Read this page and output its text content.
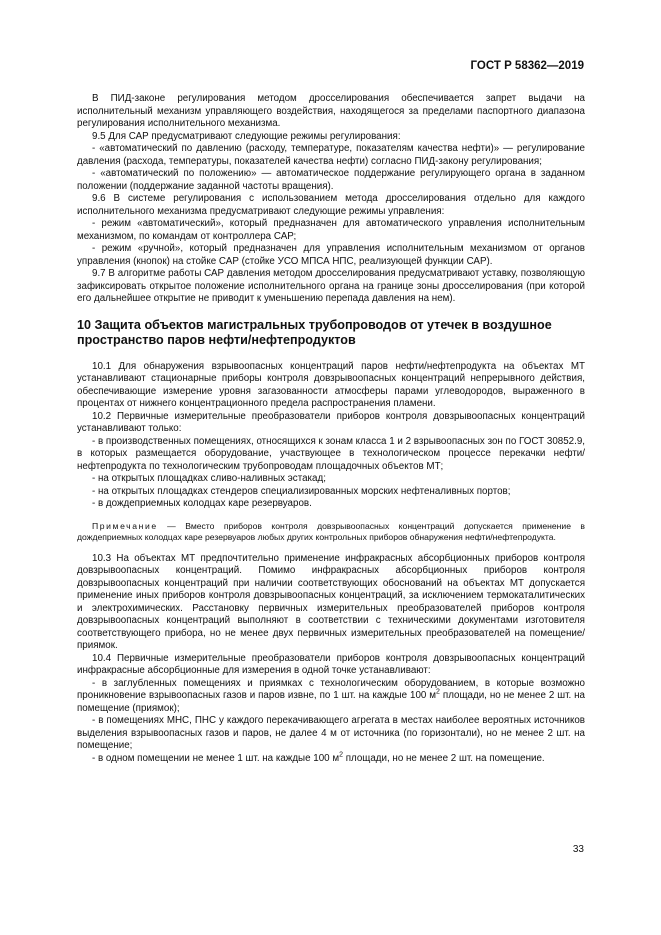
ГОСТ Р 58362—2019

В ПИД-законе регулирования методом дросселирования обеспечивается запрет выдачи на исполнительный механизм управляющего воздействия, находящегося за пределами паспортного диапазона регулирования исполнительного механизма.

9.5 Для САР предусматривают следующие режимы регулирования:

- «автоматический по давлению (расходу, температуре, показателям качества нефти)» — регулирование давления (расхода, температуры, показателей качества нефти) согласно ПИД-закону регулирования;

- «автоматический по положению» — автоматическое поддержание регулирующего органа в заданном положении (поддержание заданной частоты вращения).

9.6 В системе регулирования с использованием метода дросселирования отдельно для каждого исполнительного механизма предусматривают следующие режимы управления:

- режим «автоматический», который предназначен для автоматического управления исполнительным механизмом, по командам от контроллера САР;

- режим «ручной», который предназначен для управления исполнительным механизмом от органов управления (кнопок) на стойке САР (стойке УСО МПСА НПС, реализующей функции САР).

9.7 В алгоритме работы САР давления методом дросселирования предусматривают уставку, позволяющую зафиксировать открытое положение исполнительного органа на границе зоны дросселирования (при которой его дальнейшее открытие не приводит к уменьшению перепада давления на нем).

10 Защита объектов магистральных трубопроводов от утечек в воздушное пространство паров нефти/нефтепродуктов

10.1 Для обнаружения взрывоопасных концентраций паров нефти/нефтепродукта на объектах МТ устанавливают стационарные приборы контроля довзрывоопасных концентраций непрерывного действия, обеспечивающие измерение уровня загазованности атмосферы парами углеводородов, выраженного в процентах от нижнего концентрационного предела распространения пламени.

10.2 Первичные измерительные преобразователи приборов контроля довзрывоопасных концентраций устанавливают только:

- в производственных помещениях, относящихся к зонам класса 1 и 2 взрывоопасных зон по ГОСТ 30852.9, в которых размещается оборудование, участвующее в технологическом процессе перекачки нефти/нефтепродукта по технологическим трубопроводам площадочных объектов МТ;

- на открытых площадках сливо-наливных эстакад;

- на открытых площадках стендеров специализированных морских нефтеналивных портов;

- в дождеприемных колодцах каре резервуаров.

Примечание — Вместо приборов контроля довзрывоопасных концентраций допускается применение в дождеприемных колодцах каре резервуаров любых других контрольных приборов обнаружения нефти/нефтепродукта.

10.3 На объектах МТ предпочтительно применение инфракрасных абсорбционных приборов контроля довзрывоопасных концентраций. Помимо инфракрасных абсорбционных приборов контроля довзрывоопасных концентраций при наличии соответствующих обоснований на объектах МТ допускается применение иных приборов контроля довзрывоопасных концентраций, за исключением термокаталитических и электрохимических. Расстановку первичных измерительных преобразователей приборов контроля довзрывоопасных концентраций выполняют в соответствии с техническими документами изготовителя соответствующего прибора, но не менее двух первичных измерительных преобразователей на помещение/приямок.

10.4 Первичные измерительные преобразователи приборов контроля довзрывоопасных концентраций инфракрасные абсорбционные для измерения в одной точке устанавливают:

- в заглубленных помещениях и приямках с технологическим оборудованием, в которые возможно проникновение взрывоопасных газов и паров извне, по 1 шт. на каждые 100 $м^2$ площади, но не менее 2 шт. на помещение (приямок);

- в помещениях МНС, ПНС у каждого перекачивающего агрегата в местах наиболее вероятных источников выделения взрывоопасных газов и паров, не далее 4 м от источника (по горизонтали), но не менее 2 шт. на помещение;

- в одном помещении не менее 1 шт. на каждые 100 $м^2$ площади, но не менее 2 шт. на помещение.

33
